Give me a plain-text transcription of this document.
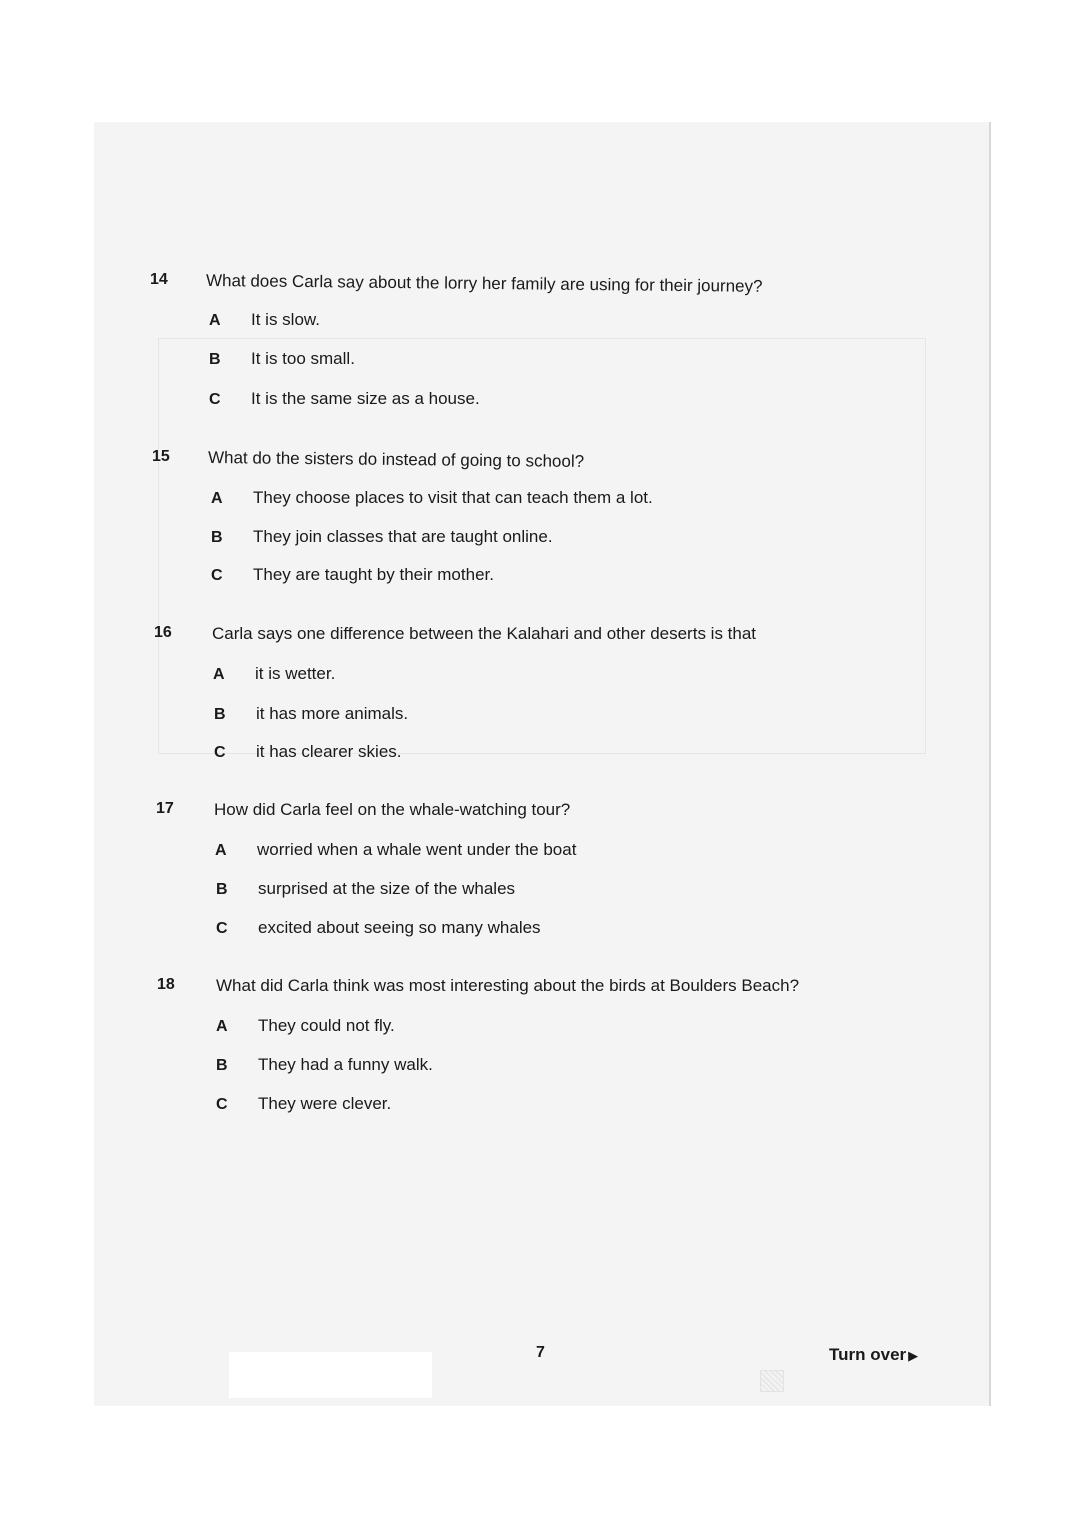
14 What does Carla say about the lorry her family are using for their journey?
A It is slow.
B It is too small.
C It is the same size as a house.
15 What do the sisters do instead of going to school?
A They choose places to visit that can teach them a lot.
B They join classes that are taught online.
C They are taught by their mother.
16 Carla says one difference between the Kalahari and other deserts is that
A it is wetter.
B it has more animals.
C it has clearer skies.
17 How did Carla feel on the whale-watching tour?
A worried when a whale went under the boat
B surprised at the size of the whales
C excited about seeing so many whales
18 What did Carla think was most interesting about the birds at Boulders Beach?
A They could not fly.
B They had a funny walk.
C They were clever.
7	Turn over ▶
